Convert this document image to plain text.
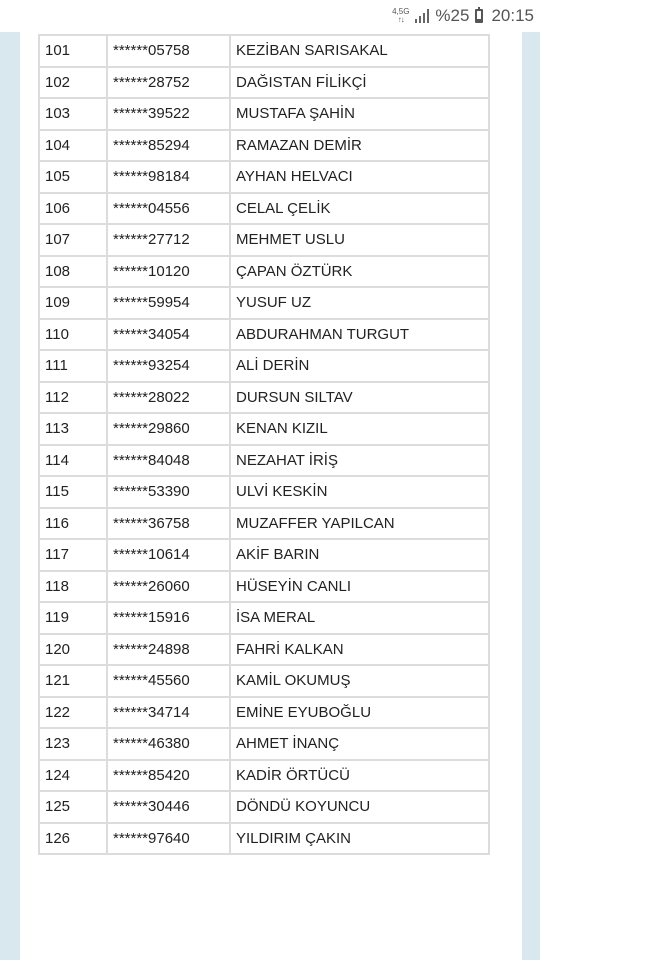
4,5G
↑↓ %25 20:15
101	******05758	KEZİBAN SARISAKAL
102	******28752	DAĞISTAN FİLİKÇİ
103	******39522	MUSTAFA ŞAHİN
104	******85294	RAMAZAN DEMİR
105	******98184	AYHAN HELVACI
106	******04556	CELAL ÇELİK
107	******27712	MEHMET USLU
108	******10120	ÇAPAN ÖZTÜRK
109	******59954	YUSUF UZ
110	******34054	ABDURAHMAN TURGUT
111	******93254	ALİ DERİN
112	******28022	DURSUN SILTAV
113	******29860	KENAN KIZIL
114	******84048	NEZAHAT İRİŞ
115	******53390	ULVİ KESKİN
116	******36758	MUZAFFER YAPILCAN
117	******10614	AKİF BARIN
118	******26060	HÜSEYİN CANLI
119	******15916	İSA MERAL
120	******24898	FAHRİ KALKAN
121	******45560	KAMİL OKUMUŞ
122	******34714	EMİNE EYUBOĞLU
123	******46380	AHMET İNANÇ
124	******85420	KADİR ÖRTÜCÜ
125	******30446	DÖNDÜ KOYUNCU
126	******97640	YILDIRIM ÇAKIN
